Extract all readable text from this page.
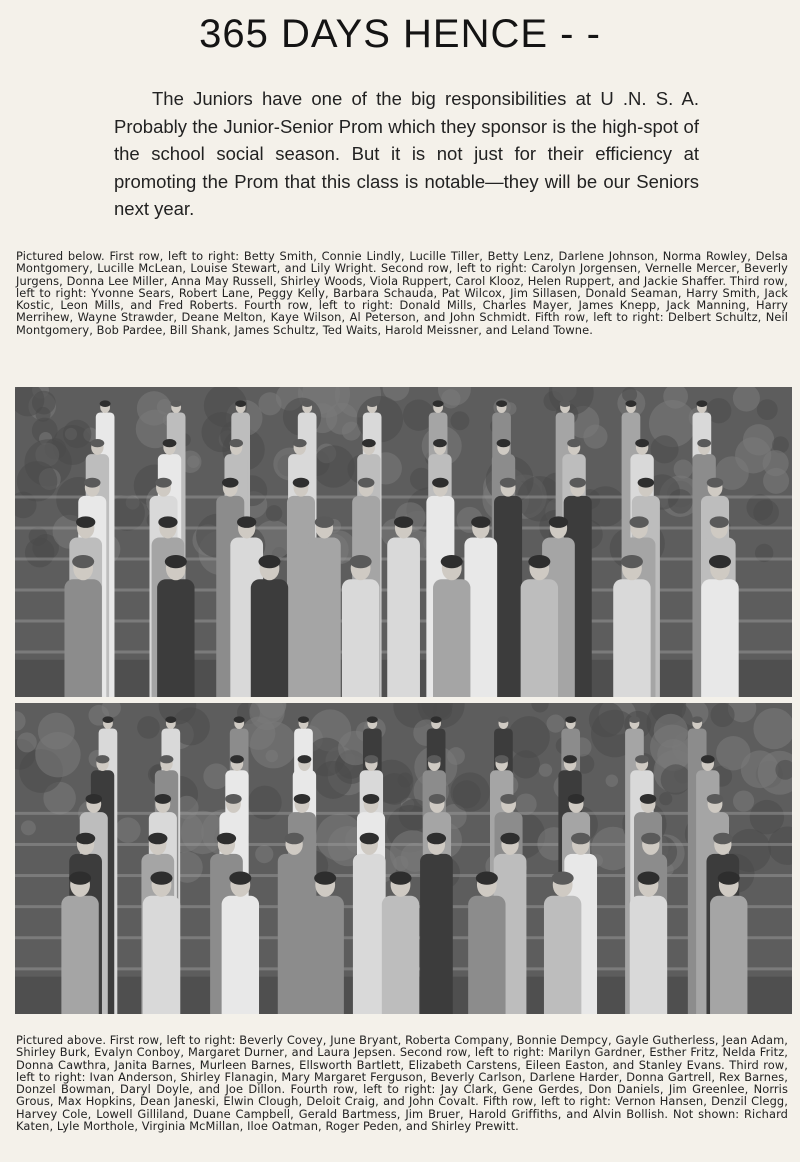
365 DAYS HENCE - -

The Juniors have one of the big responsibilities at U .N. S. A. Probably the Junior-Senior Prom which they sponsor is the high-spot of the school social season. But it is not just for their efficiency at promoting the Prom that this class is notable—they will be our Seniors next year.

Pictured below. First row, left to right: Betty Smith, Connie Lindly, Lucille Tiller, Betty Lenz, Darlene Johnson, Norma Rowley, Delsa Montgomery, Lucille McLean, Louise Stewart, and Lily Wright. Second row, left to right: Carolyn Jorgensen, Vernelle Mercer, Beverly Jurgens, Donna Lee Miller, Anna May Russell, Shirley Woods, Viola Ruppert, Carol Klooz, Helen Ruppert, and Jackie Shaffer. Third row, left to right: Yvonne Sears, Robert Lane, Peggy Kelly, Barbara Schauda, Pat Wilcox, Jim Sillasen, Donald Seaman, Harry Smith, Jack Kostic, Leon Mills, and Fred Roberts. Fourth row, left to right: Donald Mills, Charles Mayer, James Knepp, Jack Manning, Harry Merrihew, Wayne Strawder, Deane Melton, Kaye Wilson, Al Peterson, and John Schmidt. Fifth row, left to right: Delbert Schultz, Neil Montgomery, Bob Pardee, Bill Shank, James Schultz, Ted Waits, Harold Meissner, and Leland Towne.

Pictured above. First row, left to right: Beverly Covey, June Bryant, Roberta Company, Bonnie Dempcy, Gayle Gutherless, Jean Adam, Shirley Burk, Evalyn Conboy, Margaret Durner, and Laura Jepsen. Second row, left to right: Marilyn Gardner, Esther Fritz, Nelda Fritz, Donna Cawthra, Janita Barnes, Murleen Barnes, Ellsworth Bartlett, Elizabeth Carstens, Eileen Easton, and Stanley Evans. Third row, left to right: Ivan Anderson, Shirley Flanagin, Mary Margaret Ferguson, Beverly Carlson, Darlene Harder, Donna Gartrell, Rex Barnes, Donzel Bowman, Daryl Doyle, and Joe Dillon. Fourth row, left to right: Jay Clark, Gene Gerdes, Don Daniels, Jim Greenlee, Norris Grous, Max Hopkins, Dean Janeski, Elwin Clough, Deloit Craig, and John Covalt. Fifth row, left to right: Vernon Hansen, Denzil Clegg, Harvey Cole, Lowell Gilliland, Duane Campbell, Gerald Bartmess, Jim Bruer, Harold Griffiths, and Alvin Bollish. Not shown: Richard Katen, Lyle Morthole, Virginia McMillan, Iloe Oatman, Roger Peden, and Shirley Prewitt.
